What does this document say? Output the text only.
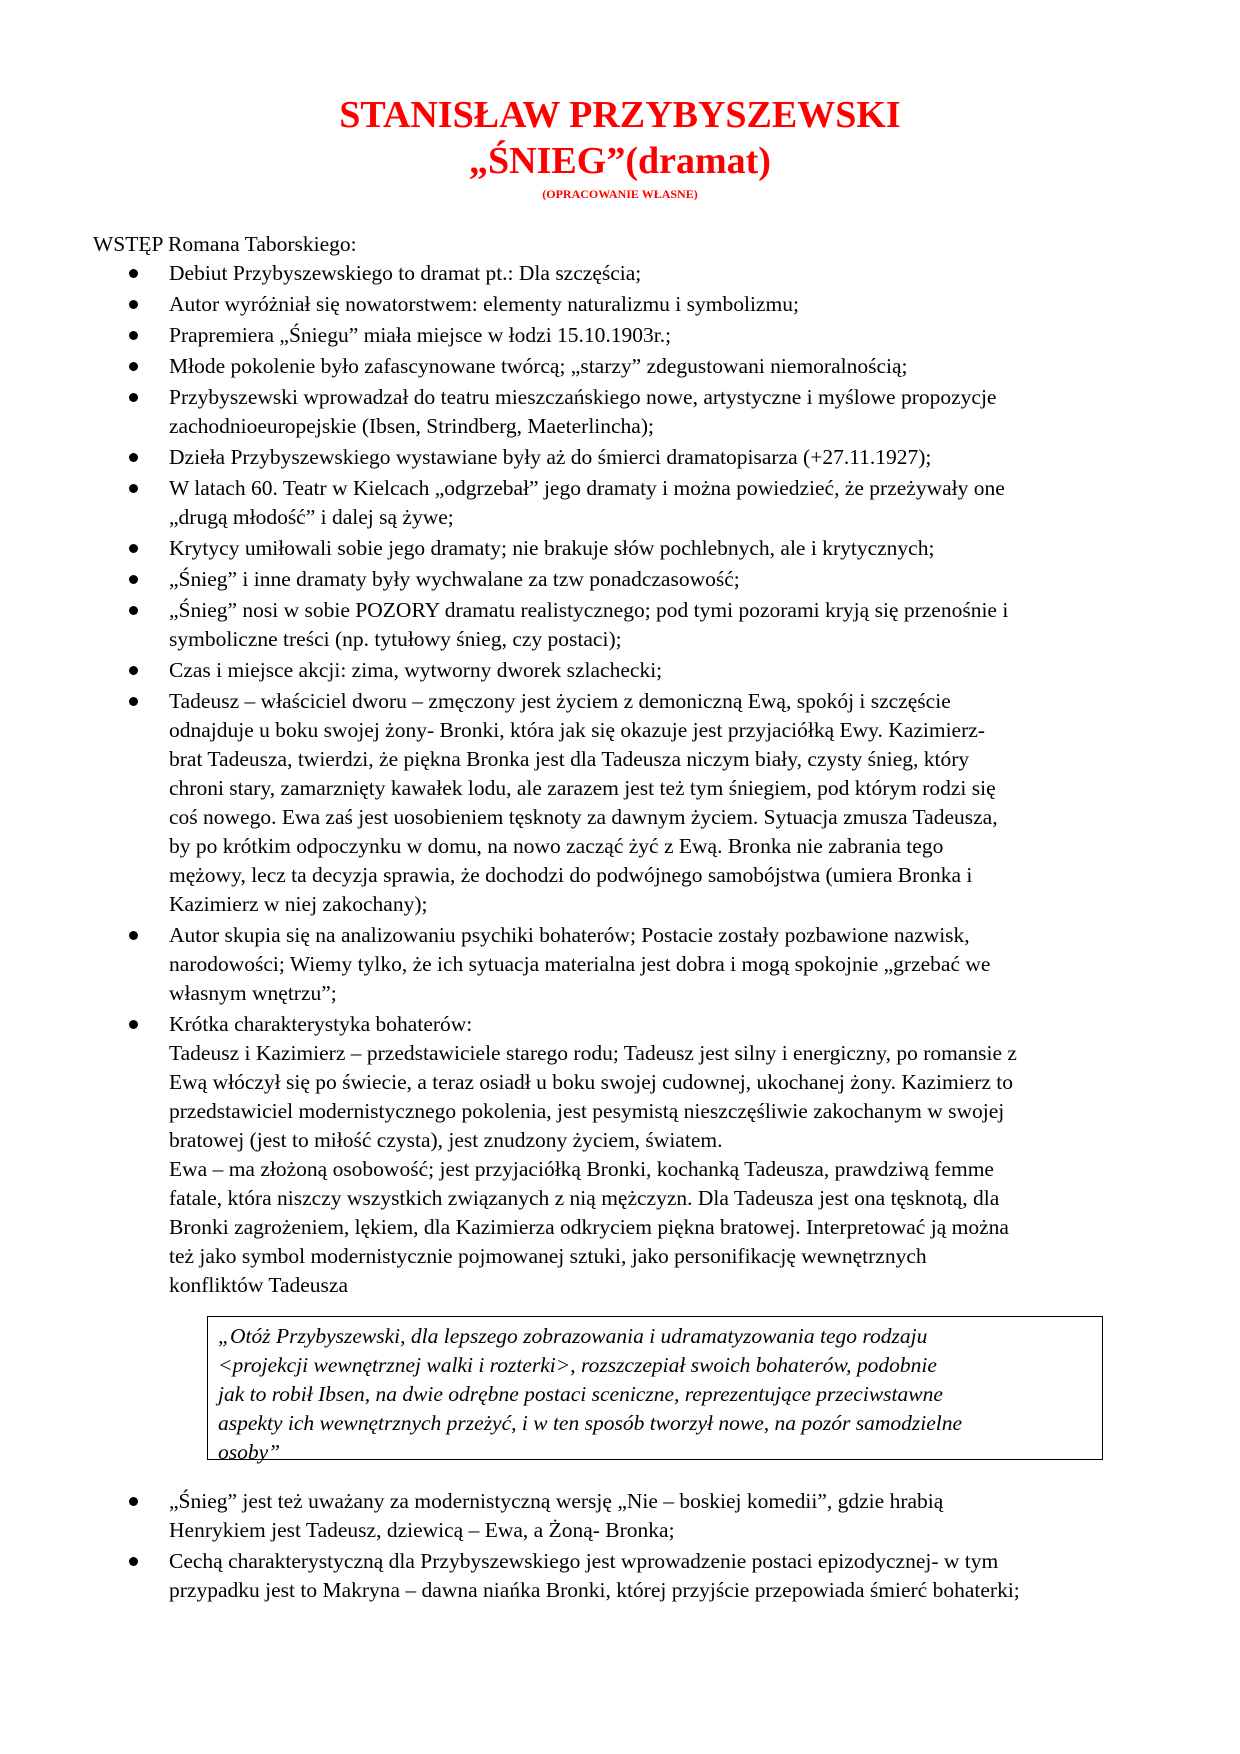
STANISŁAW PRZYBYSZEWSKI
„ŚNIEG”(dramat)
(OPRACOWANIE WŁASNE)
WSTĘP Romana Taborskiego:
Debiut Przybyszewskiego to dramat pt.: Dla szczęścia;
Autor wyróżniał się nowatorstwem: elementy naturalizmu i symbolizmu;
Prapremiera „Śniegu” miała miejsce w łodzi 15.10.1903r.;
Młode pokolenie było zafascynowane twórcą; „starzy” zdegustowani niemoralnością;
Przybyszewski wprowadzał do teatru mieszczańskiego nowe, artystyczne i myślowe propozycje
zachodnioeuropejskie (Ibsen, Strindberg, Maeterlincha);
Dzieła Przybyszewskiego wystawiane były aż do śmierci dramatopisarza (+27.11.1927);
W latach 60. Teatr w Kielcach „odgrzebał” jego dramaty i można powiedzieć, że przeżywały one
„drugą młodość” i dalej są żywe;
Krytycy umiłowali sobie jego dramaty; nie brakuje słów pochlebnych, ale i krytycznych;
„Śnieg” i inne dramaty były wychwalane za tzw ponadczasowość;
„Śnieg” nosi w sobie POZORY dramatu realistycznego; pod tymi pozorami kryją się przenośnie i
symboliczne treści (np. tytułowy śnieg, czy postaci);
Czas i miejsce akcji: zima, wytworny dworek szlachecki;
Tadeusz – właściciel dworu – zmęczony jest życiem z demoniczną Ewą, spokój i szczęście
odnajduje u boku swojej żony- Bronki, która jak się okazuje jest przyjaciółką Ewy. Kazimierz-
brat Tadeusza, twierdzi, że piękna Bronka jest dla Tadeusza niczym biały, czysty śnieg, który
chroni stary, zamarznięty kawałek lodu, ale zarazem jest też tym śniegiem, pod którym rodzi się
coś nowego. Ewa zaś jest uosobieniem tęsknoty za dawnym życiem. Sytuacja zmusza Tadeusza,
by po krótkim odpoczynku w domu, na nowo zacząć żyć z Ewą. Bronka nie zabrania tego
mężowy, lecz ta decyzja sprawia, że dochodzi do podwójnego samobójstwa (umiera Bronka i
Kazimierz w niej zakochany);
Autor skupia się na analizowaniu psychiki bohaterów; Postacie zostały pozbawione nazwisk,
narodowości; Wiemy tylko, że ich sytuacja materialna jest dobra i mogą spokojnie „grzebać we
własnym wnętrzu”;
Krótka charakterystyka bohaterów:
Tadeusz i Kazimierz – przedstawiciele starego rodu; Tadeusz jest silny i energiczny, po romansie z
Ewą włóczył się po świecie, a teraz osiadł u boku swojej cudownej, ukochanej żony. Kazimierz to
przedstawiciel modernistycznego pokolenia, jest pesymistą nieszczęśliwie zakochanym w swojej
bratowej (jest to miłość czysta), jest znudzony życiem, światem.
Ewa – ma złożoną osobowość; jest przyjaciółką Bronki, kochanką Tadeusza, prawdziwą femme
fatale, która niszczy wszystkich związanych z nią mężczyzn. Dla Tadeusza jest ona tęsknotą, dla
Bronki zagrożeniem, lękiem, dla Kazimierza odkryciem piękna bratowej. Interpretować ją można
też jako symbol modernistycznie pojmowanej sztuki, jako personifikację wewnętrznych
konfliktów Tadeusza
„Otóż Przybyszewski, dla lepszego zobrazowania i udramatyzowania tego rodzaju
<projekcji wewnętrznej walki i rozterki>, rozszczepiał swoich bohaterów, podobnie
jak to robił Ibsen, na dwie odrębne postaci sceniczne, reprezentujące przeciwstawne
aspekty ich wewnętrznych przeżyć, i w ten sposób tworzył nowe, na pozór samodzielne
osoby”
„Śnieg” jest też uważany za modernistyczną wersję „Nie – boskiej komedii”, gdzie hrabią
Henrykiem jest Tadeusz, dziewicą – Ewa, a Żoną- Bronka;
Cechą charakterystyczną dla Przybyszewskiego jest wprowadzenie postaci epizodycznej- w tym
przypadku jest to Makryna – dawna niańka Bronki, której przyjście przepowiada śmierć bohaterki;
